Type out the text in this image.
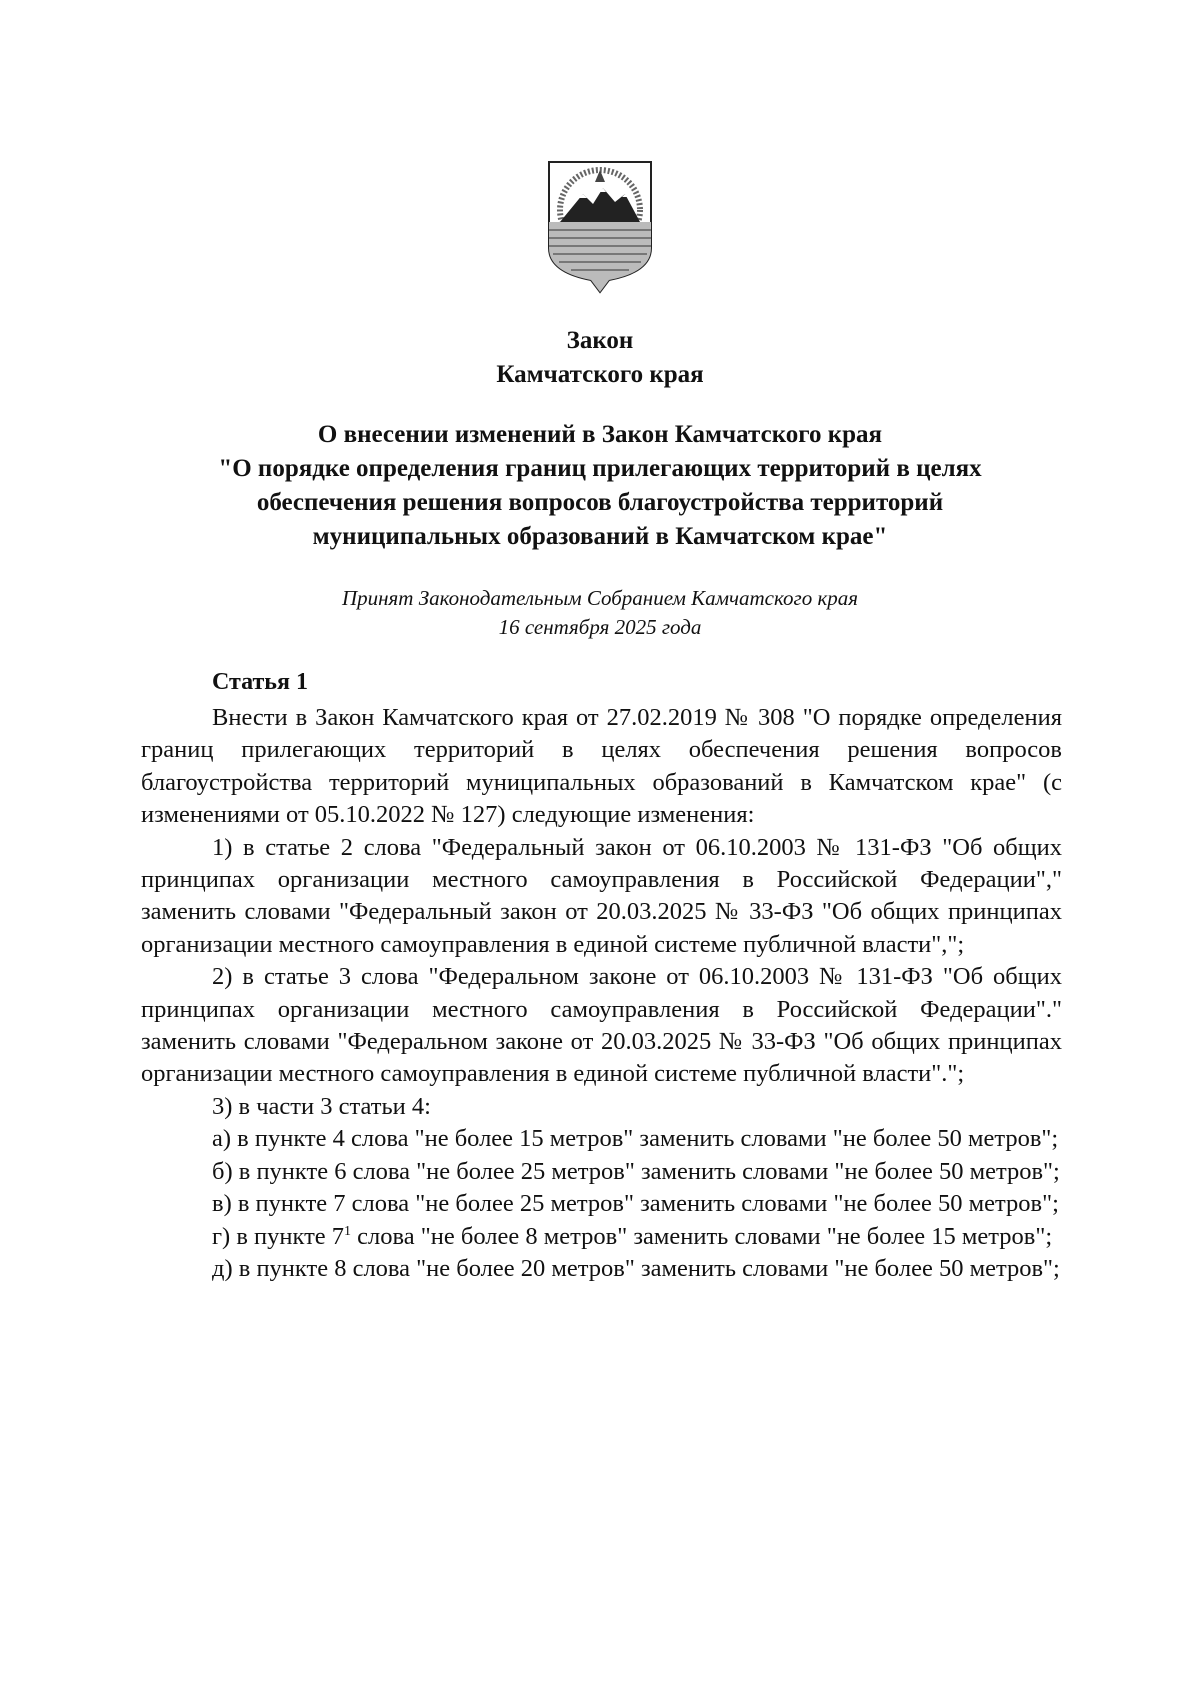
Закон
Камчатского края
О внесении изменений в Закон Камчатского края
"О порядке определения границ прилегающих территорий в целях
обеспечения решения вопросов благоустройства территорий
муниципальных образований в Камчатском крае"
Принят Законодательным Собранием Камчатского края
16 сентября 2025 года
Статья 1

Внести в Закон Камчатского края от 27.02.2019 № 308 "О порядке определения границ прилегающих территорий в целях обеспечения решения вопросов благоустройства территорий муниципальных образований в Камчатском крае" (с изменениями от 05.10.2022 № 127) следующие изменения:

1) в статье 2 слова "Федеральный закон от 06.10.2003 № 131-ФЗ "Об общих принципах организации местного самоуправления в Российской Федерации"," заменить словами "Федеральный закон от 20.03.2025 № 33-ФЗ "Об общих принципах организации местного самоуправления в единой системе публичной власти",";

2) в статье 3 слова "Федеральном законе от 06.10.2003 № 131-ФЗ "Об общих принципах организации местного самоуправления в Российской Федерации"." заменить словами "Федеральном законе от 20.03.2025 № 33-ФЗ "Об общих принципах организации местного самоуправления в единой системе публичной власти".";

3) в части 3 статьи 4:

а) в пункте 4 слова "не более 15 метров" заменить словами "не более 50 метров";

б) в пункте 6 слова "не более 25 метров" заменить словами "не более 50 метров";

в) в пункте 7 слова "не более 25 метров" заменить словами "не более 50 метров";

г) в пункте $7^1$ слова "не более 8 метров" заменить словами "не более 15 метров";

д) в пункте 8 слова "не более 20 метров" заменить словами "не более 50 метров";
